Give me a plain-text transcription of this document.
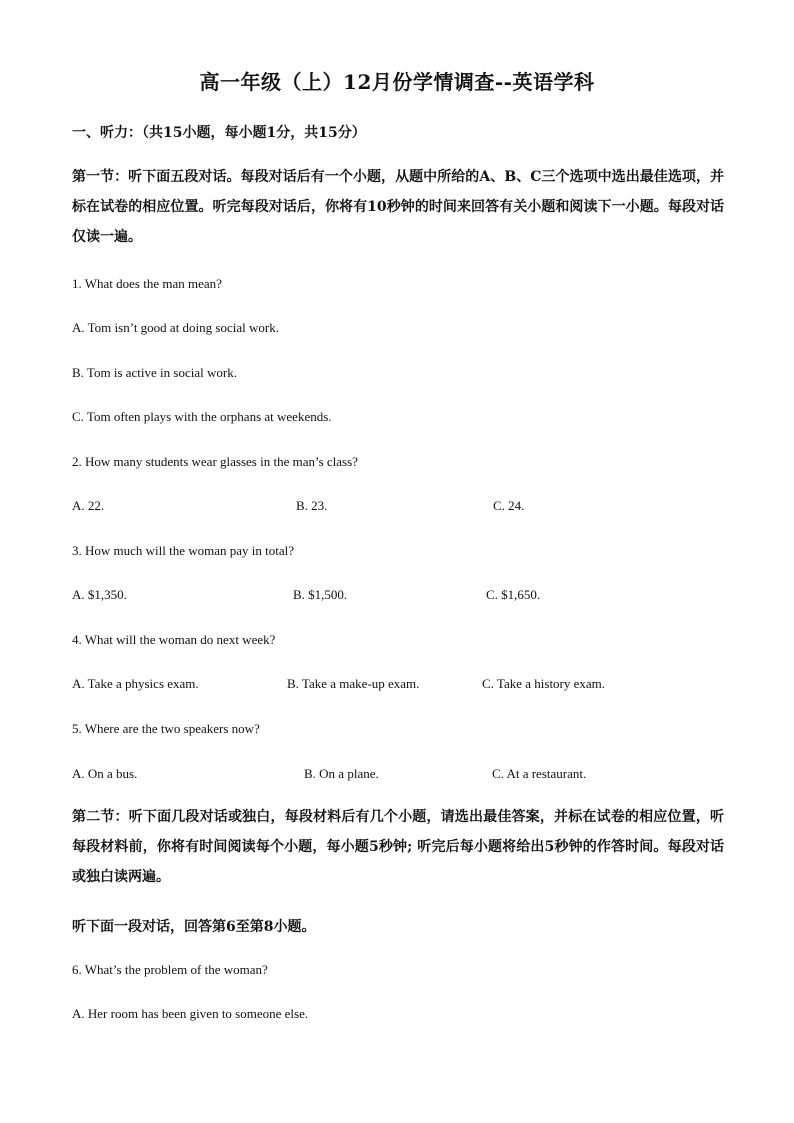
高一年级（上）12月份学情调查--英语学科
一、听力：（共15小题，每小题1分，共15分）
第一节：听下面五段对话。每段对话后有一个小题，从题中所给的A、B、C三个选项中选出最佳选项，并标在试卷的相应位置。听完每段对话后，你将有10秒钟的时间来回答有关小题和阅读下一小题。每段对话仅读一遍。
1. What does the man mean?
A. Tom isn’t good at doing social work.
B. Tom is active in social work.
C. Tom often plays with the orphans at weekends.
2. How many students wear glasses in the man’s class?
A. 22.	B. 23.	C. 24.
3. How much will the woman pay in total?
A. $1,350.	B. $1,500.	C. $1,650.
4. What will the woman do next week?
A. Take a physics exam.	B. Take a make-up exam.	C. Take a history exam.
5. Where are the two speakers now?
A. On a bus.	B. On a plane.	C. At a restaurant.
第二节：听下面几段对话或独白，每段材料后有几个小题，请选出最佳答案，并标在试卷的相应位置，听每段材料前，你将有时间阅读每个小题，每小题5秒钟; 听完后每小题将给出5秒钟的作答时间。每段对话或独白读两遍。
听下面一段对话，回答第6至第8小题。
6. What’s the problem of the woman?
A. Her room has been given to someone else.
